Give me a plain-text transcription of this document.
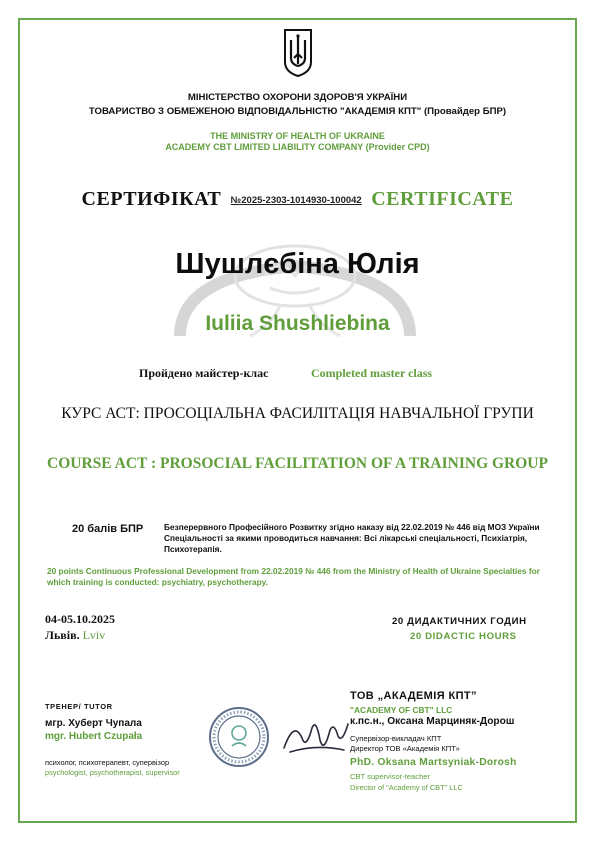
МІНІСТЕРСТВО ОХОРОНИ ЗДОРОВ'Я УКРАЇНИ
ТОВАРИСТВО З ОБМЕЖЕНОЮ ВІДПОВІДАЛЬНІСТЮ "АКАДЕМІЯ КПТ" (Провайдер БПР)
THE MINISTRY OF HEALTH OF UKRAINE
ACADEMY CBT LIMITED LIABILITY COMPANY (Provider CPD)
СЕРТИФІКАТ №2025-2303-1014930-100042 CERTIFICATE
Шушлєбіна Юлія
Iuliia Shushliebina
Пройдено майстер-клас	Completed master class
КУРС АСТ: ПРОСОЦІАЛЬНА ФАСИЛІТАЦІЯ НАВЧАЛЬНОЇ ГРУПИ
COURSE ACT : PROSOCIAL FACILITATION OF A TRAINING GROUP
20 балів БПР	Безперервного Професійного Розвитку згідно наказу від 22.02.2019 № 446 від МОЗ України Спеціальності за якими проводиться навчання: Всі лікарські спеціальності, Психіатрія, Психотерапія.
20 points Continuous Professional Development from 22.02.2019 № 446 from the Ministry of Health of Ukraine Specialties for which training is conducted: psychiatry, psychotherapy.
04-05.10.2025
Львів. Lviv
20 ДИДАКТИЧНИХ ГОДИН
20 DIDACTIC HOURS
ТРЕНЕР/ TUTOR
мгр. Хуберт Чупала
mgr. Hubert Czupała
психолог, психотерапевт, супервізор
psychologist, psychotherapist, supervisor
ТОВ „АКАДЕМІЯ КПТ”
"ACADEMY OF CBT" LLC
к.пс.н., Оксана Марциняк-Дорош
Супервізор-викладач КПТ
Директор ТОВ «Академія КПТ»
PhD. Oksana Martsyniak-Dorosh
CBT supervisor-teacher
Director of "Academy of CBT" LLC
